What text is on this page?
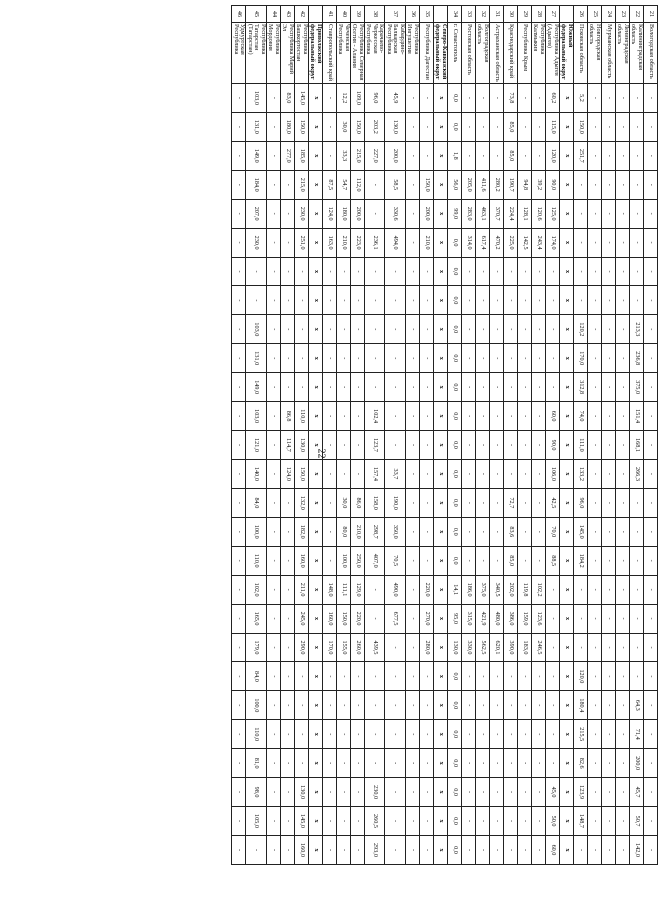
22
21	Вологодская область	-	-	-	-	-	-	-	-	-	-	-	-	-	-	-	-	-	-	-	-	-	-	-	-	-	-	-
22	Калининградская область	-	-	-	-	-	-	-	-	213,3	236,8	375,0	151,4	168,1	266,3	-	-	-	-	-	-	-	64,3	71,4	200,0	45,7	50,7	142,0
23	Ленинградская область	-	-	-	-	-	-	-	-	-	-	-	-	-	-	-	-	-	-	-	-	-	-	-	-	-	-	-
24	Мурманская область	-	-	-	-	-	-	-	-	-	-	-	-	-	-	-	-	-	-	-	-	-	-	-	-	-	-	-
25	Новгородская область	-	-	-	-	-	-	-	-	-	-	-	-	-	-	-	-	-	-	-	-	-	-	-	-	-	-	-
26	Псковская область	5,2	150,0	251,7	-	-	-	-	-	120,2	170,0	312,8	74,0	111,0	133,2	96,0	145,0	184,2	-	-	-	120,0	180,4	215,5	82,6	123,9	148,7	-
	Южный федеральный округ	x	x	x	x	x	x	x	x	x	x	x	x	x	x	x	x	x	x	x	x	x	x	x	x	x	x	x
27	Республика Адыгея (Адыгея)	60,2	115,0	120,0	90,0	125,0	174,0	-	-	-	-	-	60,0	90,0	106,0	42,5	70,0	88,5	-	-	-	-	-	-	-	45,0	50,0	60,0
28	Республика Калмыкия	-	-	-	39,2	120,6	243,4	-	-	-	-	-	-	-	-	-	-	-	102,2	123,6	246,5	-	-	-	-	-	-	-
29	Республика Крым	-	-	-	94,8	128,1	142,5	-	-	-	-	-	-	-	-	-	-	-	119,8	159,0	183,0	-	-	-	-	-	-	-
30	Краснодарский край	73,8	85,0	85,0	190,7	224,4	225,0	-	-	-	-	-	-	-	-	72,7	83,6	85,0	202,0	386,0	390,0	-	-	-	-	-	-	-
31	Астраханская область	-	-	-	280,2	370,7	470,2	-	-	-	-	-	-	-	-	-	-	-	340,5	480,0	620,1	-	-	-	-	-	-	-
32	Волгоградская область	-	-	-	411,6	463,1	617,4	-	-	-	-	-	-	-	-	-	-	-	375,0	421,9	562,5	-	-	-	-	-	-	-
33	Ростовская область	-	-	-	205,0	283,0	314,0	-	-	-	-	-	-	-	-	-	-	-	186,0	315,0	330,0	-	-	-	-	-	-	-
34	г. Севастополь	0,0	0,0	1,8	56,0	99,0	0,0	0,0	0,0	0,0	0,0	0,0	0,0	0,0	0,0	0,0	0,0	0,0	14,1	95,0	130,0	0,0	0,0	0,0	0,0	0,0	0,0	0,0
	Северо-Кавказский федеральный округ	x	x	x	x	x	x	x	x	x	x	x	x	x	x	x	x	x	x	x	x	x	x	x	x	x	x	x
35	Республика Дагестан	-	-	-	150,0	200,0	210,0	-	-	-	-	-	-	-	-	-	-	-	220,0	270,0	280,0	-	-	-	-	-	-	-
36	Республика Ингушетия	-	-	-	-	-	-	-	-	-	-	-	-	-	-	-	-	-	-	-	-	-	-	-	-	-	-	-
37	Кабардино-Балкарская Республика	45,9	130,0	200,0	58,5	330,6	494,0	-	-	-	-	-	-	-	33,7	190,0	350,0	70,5	490,0	677,5	-	-	-	-	-	-	-	-
38	Карачаево-Черкесская Республика	96,0	203,2	227,0	-	-	236,1	-	-	-	-	-	102,4	123,7	157,4	158,0	298,7	407,0	-	-	439,5	-	-	-	-	230,0	260,5	293,0
39	Республика Северная Осетия - Алания	109,0	150,0	215,0	112,0	200,0	223,0	-	-	-	-	-	-	-	-	86,0	210,0	250,0	129,0	220,0	260,0	-	-	-	-	-	-	-
40	Чеченская Республика	12,2	30,0	33,3	54,7	180,0	210,0	-	-	-	-	-	-	-	-	30,0	80,0	100,0	111,1	150,0	155,0	-	-	-	-	-	-	-
41	Ставропольский край	-	-	-	87,5	124,0	163,0	-	-	-	-	-	-	-	-	-	-	-	148,0	160,0	170,0	-	-	-	-	-	-	-
	Приволжский федеральный округ	x	x	x	x	x	x	x	x	x	x	x	x	x	x	x	x	x	x	x	x	x	x	x	x	x	x	x
42	Республика Башкортостан	145,0	150,0	185,0	215,0	230,0	251,0	-	-	-	-	-	110,0	130,0	150,0	132,0	182,0	160,0	211,0	245,0	290,0	-	-	-	-	130,0	145,0	160,0
43	Республика Марий Эл	83,0	180,0	277,0	-	-	-	-	-	-	-	-	86,8	114,7	124,0	-	-	-	-	-	-	-	-	-	-	-	-	-
44	Республика Мордовия	-	-	-	-	-	-	-	-	-	-	-	-	-	-	-	-	-	-	-	-	-	-	-	-	-	-	-
45	Республика Татарстан (Татарстан)	103,0	131,0	149,0	184,0	207,0	230,0	-	-	103,0	131,0	149,0	103,0	121,0	140,0	84,0	100,0	110,0	102,0	165,0	179,0	84,0	100,0	110,0	81,0	98,0	105,0	-
46	Удмуртская Республика	-	-	-	-	-	-	-	-	-	-	-	-	-	-	-	-	-	-	-	-	-	-	-	-	-	-	-
